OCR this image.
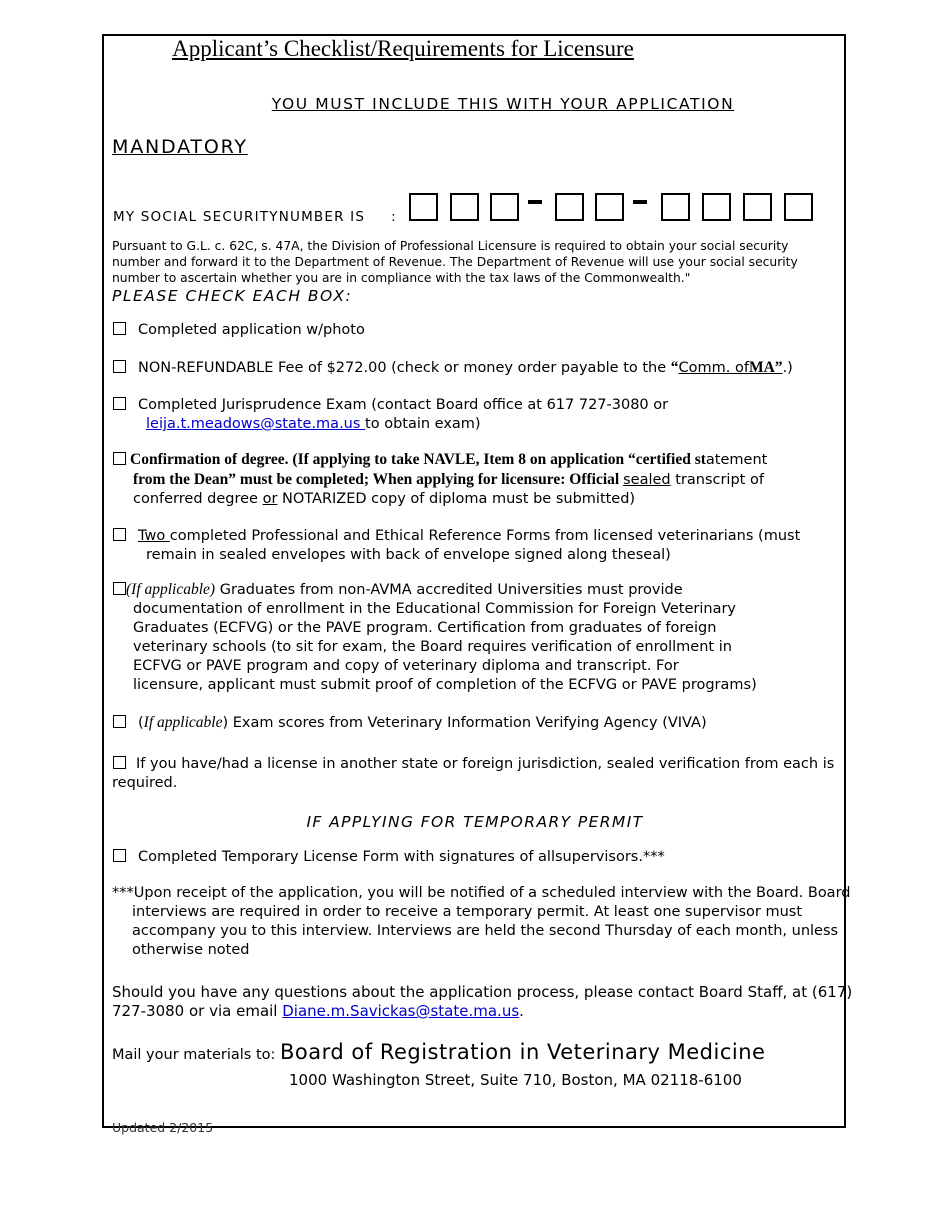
Applicant’s Checklist/Requirements for Licensure
YOU MUST INCLUDE THIS WITH YOUR APPLICATION
MANDATORY
MY SOCIAL SECURITYNUMBER IS :
Pursuant to G.L. c. 62C, s. 47A, the Division of Professional Licensure is required to obtain your social security number and forward it to the Department of Revenue. The Department of Revenue will use your social security number to ascertain whether you are in compliance with the tax laws of the Commonwealth."
PLEASE CHECK EACH BOX:
Completed application w/photo
NON-REFUNDABLE Fee of $272.00 (check or money order payable to the “Comm. ofMA”.)
Completed Jurisprudence Exam (contact Board office at 617 727-3080 or
leija.t.meadows@state.ma.us to obtain exam)
Confirmation of degree. (If applying to take NAVLE, Item 8 on application “certified statement
from the Dean” must be completed; When applying for licensure: Official sealed transcript of
conferred degree or NOTARIZED copy of diploma must be submitted)
Two completed Professional and Ethical Reference Forms from licensed veterinarians (must
remain in sealed envelopes with back of envelope signed along theseal)
(If applicable) Graduates from non-AVMA accredited Universities must provide
documentation of enrollment in the Educational Commission for Foreign Veterinary
Graduates (ECFVG) or the PAVE program. Certification from graduates of foreign
veterinary schools (to sit for exam, the Board requires verification of enrollment in
ECFVG or PAVE program and copy of veterinary diploma and transcript. For
licensure, applicant must submit proof of completion of the ECFVG or PAVE programs)
(If applicable) Exam scores from Veterinary Information Verifying Agency (VIVA)
If you have/had a license in another state or foreign jurisdiction, sealed verification from each is
required.
IF APPLYING FOR TEMPORARY PERMIT
Completed Temporary License Form with signatures of allsupervisors.***
***Upon receipt of the application, you will be notified of a scheduled interview with the Board. Board
interviews are required in order to receive a temporary permit. At least one supervisor must
accompany you to this interview. Interviews are held the second Thursday of each month, unless
otherwise noted
Should you have any questions about the application process, please contact Board Staff, at (617)
727-3080 or via email Diane.m.Savickas@state.ma.us.
Mail your materials to: Board of Registration in Veterinary Medicine
1000 Washington Street, Suite 710, Boston, MA 02118-6100
Updated 2/2015
